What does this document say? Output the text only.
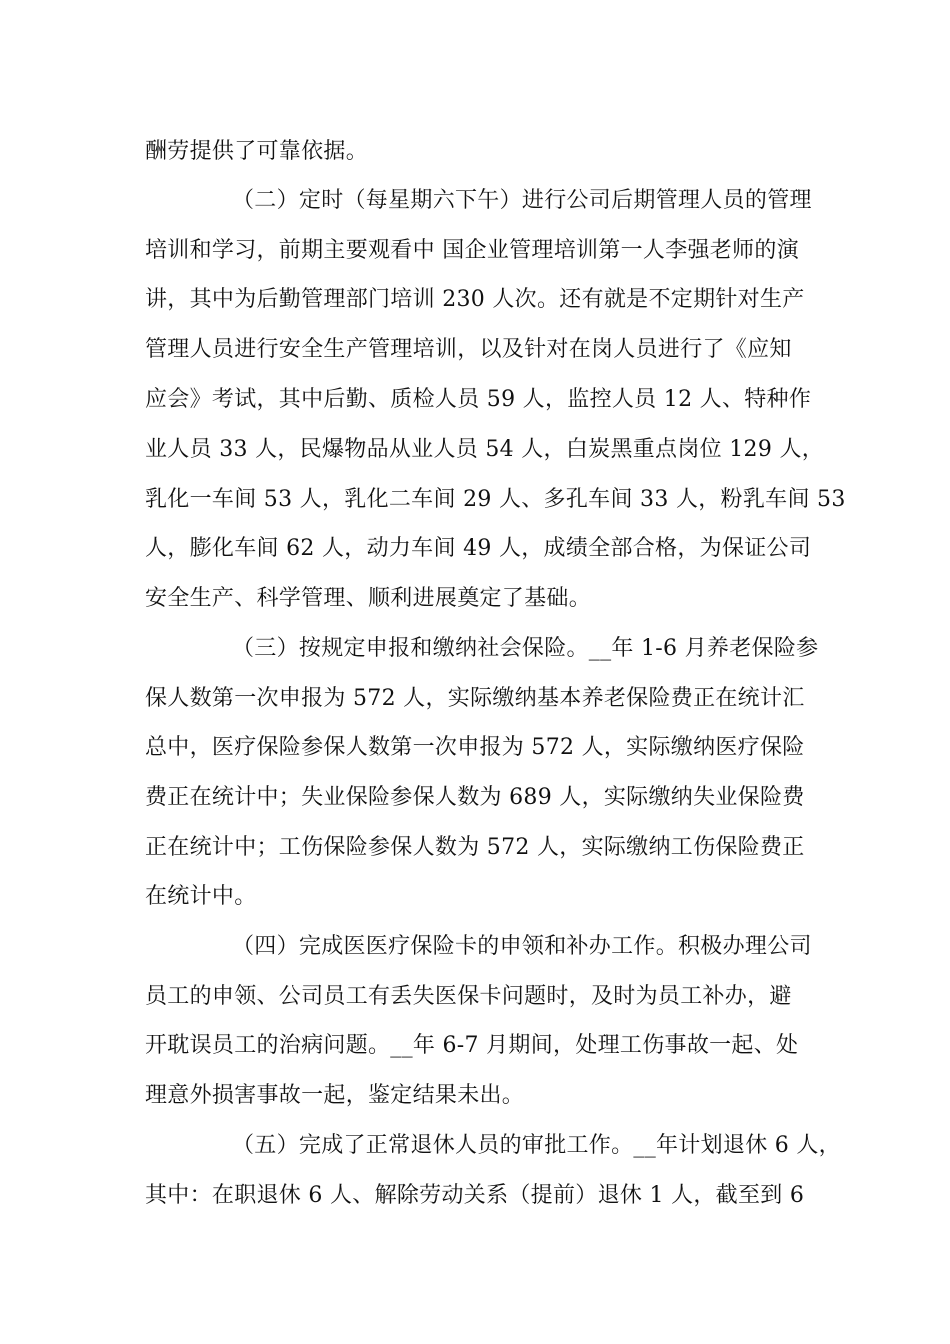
酬劳提供了可靠依据。
（二）定时（每星期六下午）进行公司后期管理人员的管理
培训和学习，前期主要观看中 国企业管理培训第一人李强老师的演
讲，其中为后勤管理部门培训 230 人次。还有就是不定期针对生产
管理人员进行安全生产管理培训，以及针对在岗人员进行了《应知
应会》考试，其中后勤、质检人员 59 人，监控人员 12 人、特种作
业人员 33 人，民爆物品从业人员 54 人，白炭黑重点岗位 129 人，
乳化一车间 53 人，乳化二车间 29 人、多孔车间 33 人，粉乳车间 53
人，膨化车间 62 人，动力车间 49 人，成绩全部合格，为保证公司
安全生产、科学管理、顺利进展奠定了基础。
（三）按规定申报和缴纳社会保险。__年 1-6 月养老保险参
保人数第一次申报为 572 人，实际缴纳基本养老保险费正在统计汇
总中，医疗保险参保人数第一次申报为 572 人，实际缴纳医疗保险
费正在统计中；失业保险参保人数为 689 人，实际缴纳失业保险费
正在统计中；工伤保险参保人数为 572 人，实际缴纳工伤保险费正
在统计中。
（四）完成医医疗保险卡的申领和补办工作。积极办理公司
员工的申领、公司员工有丢失医保卡问题时，及时为员工补办，避
开耽误员工的治病问题。__年 6-7 月期间，处理工伤事故一起、处
理意外损害事故一起，鉴定结果未出。
（五）完成了正常退休人员的审批工作。__年计划退休 6 人，
其中：在职退休 6 人、解除劳动关系（提前）退休 1 人，截至到 6
